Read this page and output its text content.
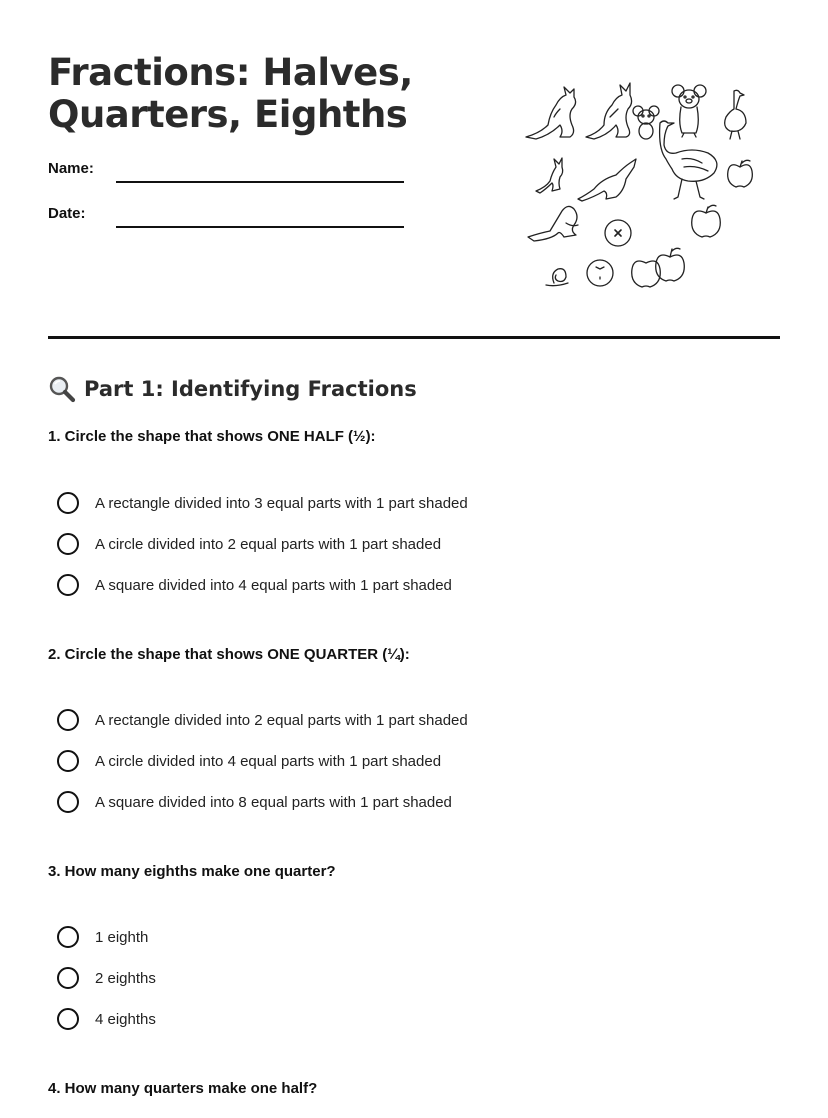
Fractions: Halves, Quarters, Eighths
Name:
Date:
Part 1: Identifying Fractions

1. Circle the shape that shows ONE HALF (½):

A rectangle divided into 3 equal parts with 1 part shaded
A circle divided into 2 equal parts with 1 part shaded
A square divided into 4 equal parts with 1 part shaded

2. Circle the shape that shows ONE QUARTER (¼):

A rectangle divided into 2 equal parts with 1 part shaded
A circle divided into 4 equal parts with 1 part shaded
A square divided into 8 equal parts with 1 part shaded

3. How many eighths make one quarter?

1 eighth
2 eighths
4 eighths

4. How many quarters make one half?
